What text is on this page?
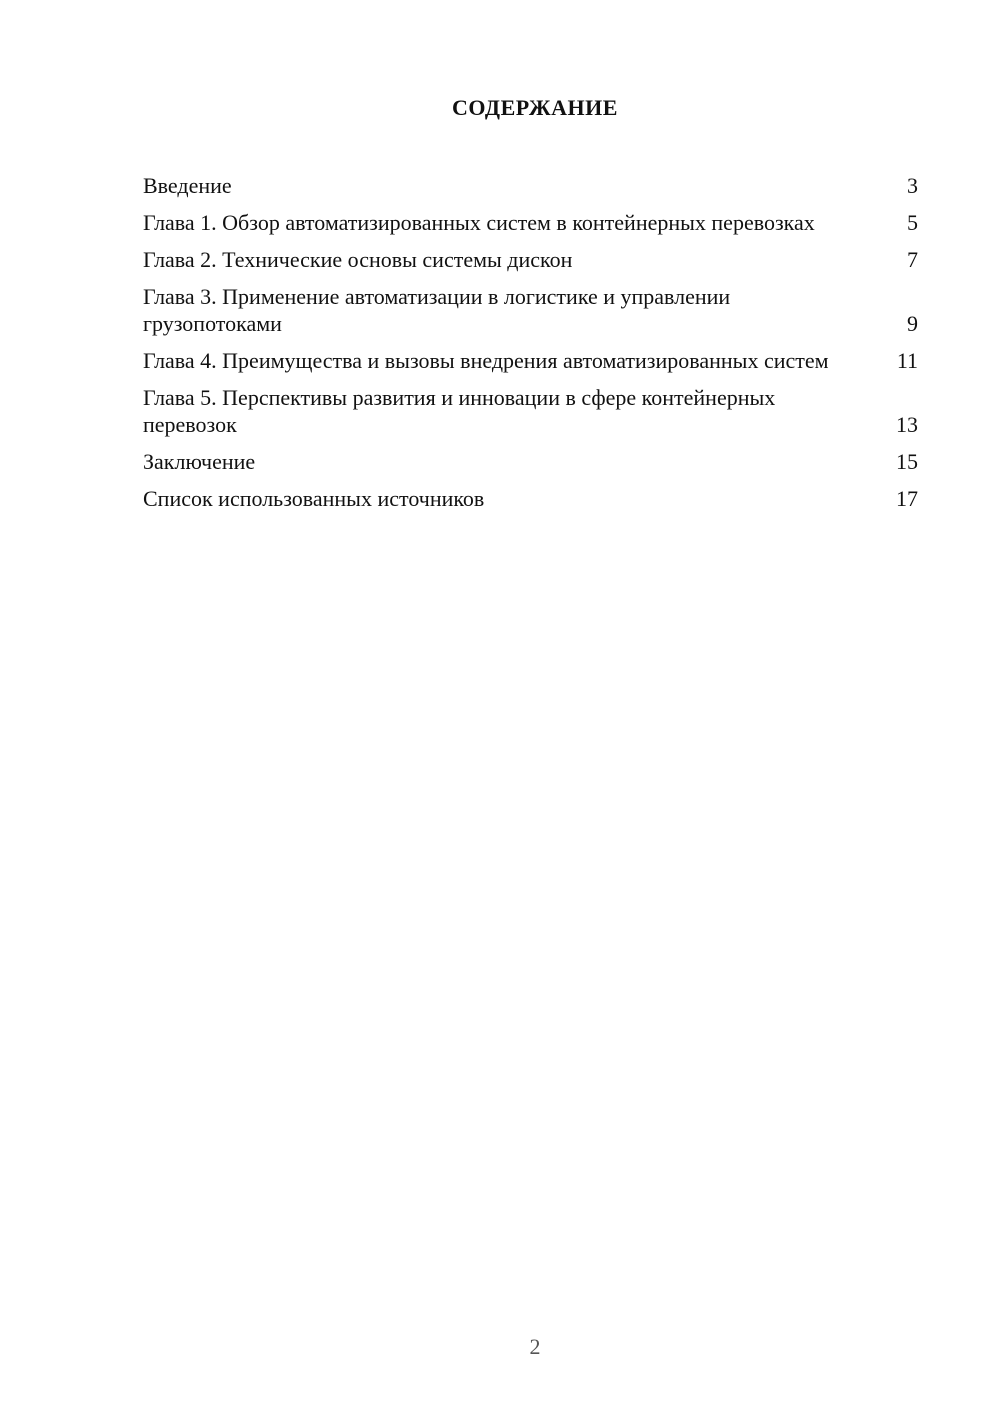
СОДЕРЖАНИЕ
Введение	3
Глава 1. Обзор автоматизированных систем в контейнерных перевозках	5
Глава 2. Технические основы системы дискон	7
Глава 3. Применение автоматизации в логистике и управлении грузопотоками	9
Глава 4. Преимущества и вызовы внедрения автоматизированных систем	11
Глава 5. Перспективы развития и инновации в сфере контейнерных перевозок	13
Заключение	15
Список использованных источников	17
2
